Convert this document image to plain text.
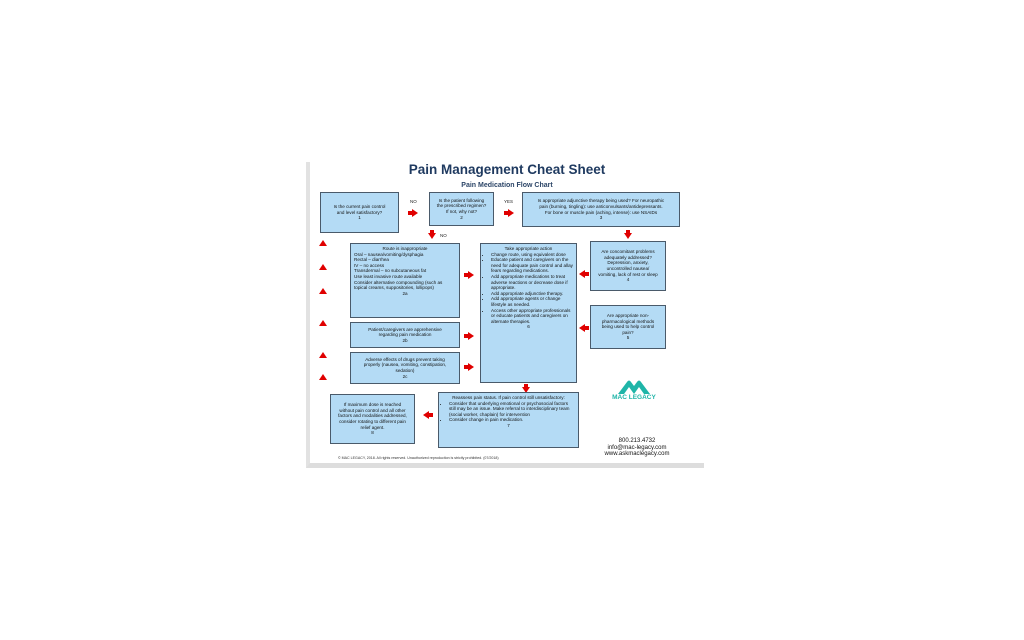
Pain Management Cheat Sheet
Pain Medication Flow Chart
Is the current pain control
and level satisfactory?
1
NO	Is the patient following
the prescribed regimen?
If not, why not?
2
YES	Is appropriate adjunctive therapy being used? For neuropathic
pain (burning, tingling): use anticonvulsants/antidepressants.
For bone or muscle pain (aching, intense): use NSAIDs
3
NO
Route is inappropriate
Oral – nausea/vomiting/dysphagia
Rectal – diarrhea
IV – no access
Transdermal – no subcutaneous fat
Use least invasive route available
Consider alternative compounding (such as topical creams, suppositories, lollipops)
2a
Patient/caregivers are apprehensive
regarding pain medication
2b
Adverse effects of drugs prevent taking
properly (nausea, vomiting, constipation,
sedation)
2c
Take appropriate action
• Change route, using equivalent dose
• Educate patient and caregivers on the need for adequate pain control and allay fears regarding medications.
• Add appropriate medications to treat adverse reactions or decrease dose if appropriate.
• Add appropriate adjunctive therapy.
• Add appropriate agents or change lifestyle as needed.
• Access other appropriate professionals or educate patients and caregivers on alternate therapies.
6
Are concomitant problems
adequately addressed?
Depression, anxiety,
uncontrolled nausea/
vomiting, lack of rest or sleep
4
Are appropriate non-
pharmacological methods
being used to help control
pain?
5
If maximum dose is reached
without pain control and all other
factors and modalities addressed,
consider rotating to different pain
relief agent.
8
Reassess pain status. If pain control still unsatisfactory:
• Consider that underlying emotional or psychosocial factors still may be an issue. Make referral to interdisciplinary team (social worker, chaplain) for intervention
• Consider change in pain medication.
7
MAC LEGACY
800.213.4732
info@mac-legacy.com
www.askmaclegacy.com
© MAC LEGACY, 2018. All rights reserved. Unauthorized reproduction is strictly prohibited. (07/2018)
